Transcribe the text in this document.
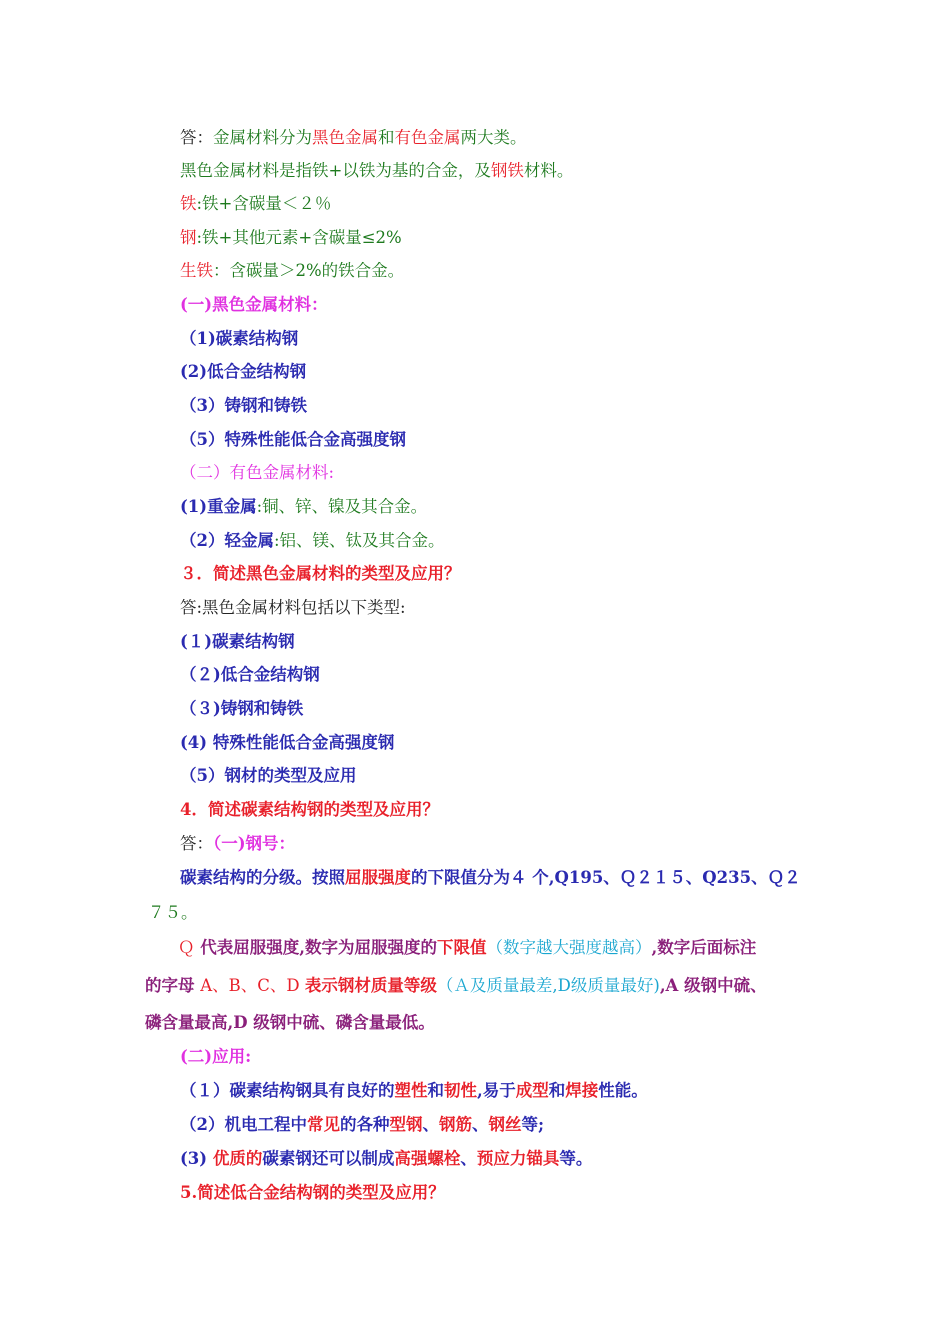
答：金属材料分为黑色金属和有色金属两大类。
黑色金属材料是指铁+以铁为基的合金，及钢铁材料。
铁:铁+含碳量＜２％
钢:铁+其他元素+含碳量≤2%
生铁：含碳量＞2%的铁合金。
(一)黑色金属材料：
（1)碳素结构钢
(2)低合金结构钢
（3）铸钢和铸铁
（5）特殊性能低合金高强度钢
（二）有色金属材料:
(1)重金属:铜、锌、镍及其合金。
（2）轻金属:铝、镁、钛及其合金。
３．简述黑色金属材料的类型及应用？
答:黑色金属材料包括以下类型:
(１)碳素结构钢
（２)低合金结构钢
（３)铸钢和铸铁
(4) 特殊性能低合金高强度钢
（5）钢材的类型及应用
4．简述碳素结构钢的类型及应用？
答：（一)钢号：
碳素结构的分级。按照屈服强度的下限值分为４ 个,Q195、Ｑ２１５、Q235、Ｑ２
７５。
Ｑ 代表屈服强度,数字为屈服强度的下限值（数字越大强度越高）,数字后面标注
的字母 A、B、C、D 表示钢材质量等级（Ａ及质量最差,D级质量最好),A 级钢中硫、
磷含量最高,D 级钢中硫、磷含量最低。
(二)应用:
（１）碳素结构钢具有良好的塑性和韧性,易于成型和焊接性能。
（2）机电工程中常见的各种型钢、钢筋、钢丝等;
(3) 优质的碳素钢还可以制成高强螺栓、预应力锚具等。
5.简述低合金结构钢的类型及应用？
